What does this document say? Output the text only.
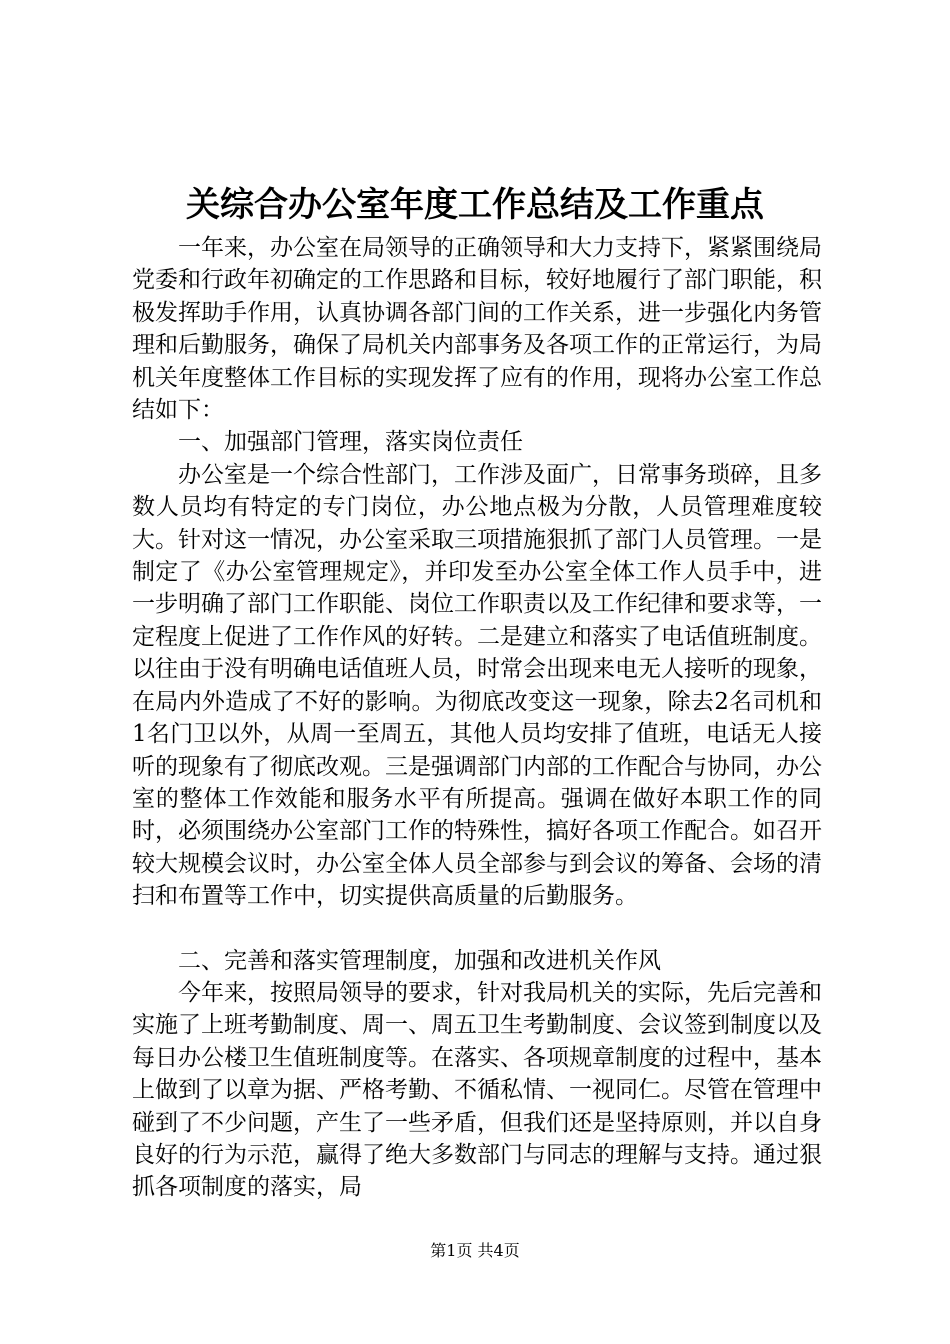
关综合办公室年度工作总结及工作重点

一年来，办公室在局领导的正确领导和大力支持下，紧紧围绕局党委和行政年初确定的工作思路和目标，较好地履行了部门职能，积极发挥助手作用，认真协调各部门间的工作关系，进一步强化内务管理和后勤服务，确保了局机关内部事务及各项工作的正常运行，为局机关年度整体工作目标的实现发挥了应有的作用，现将办公室工作总结如下：

一、加强部门管理，落实岗位责任

办公室是一个综合性部门，工作涉及面广，日常事务琐碎，且多数人员均有特定的专门岗位，办公地点极为分散，人员管理难度较大。针对这一情况，办公室采取三项措施狠抓了部门人员管理。一是制定了《办公室管理规定》，并印发至办公室全体工作人员手中，进一步明确了部门工作职能、岗位工作职责以及工作纪律和要求等，一定程度上促进了工作作风的好转。二是建立和落实了电话值班制度。以往由于没有明确电话值班人员，时常会出现来电无人接听的现象，在局内外造成了不好的影响。为彻底改变这一现象，除去2名司机和1名门卫以外，从周一至周五，其他人员均安排了值班，电话无人接听的现象有了彻底改观。三是强调部门内部的工作配合与协同，办公室的整体工作效能和服务水平有所提高。强调在做好本职工作的同时，必须围绕办公室部门工作的特殊性，搞好各项工作配合。如召开较大规模会议时，办公室全体人员全部参与到会议的筹备、会场的清扫和布置等工作中，切实提供高质量的后勤服务。

二、完善和落实管理制度，加强和改进机关作风

今年来，按照局领导的要求，针对我局机关的实际，先后完善和实施了上班考勤制度、周一、周五卫生考勤制度、会议签到制度以及每日办公楼卫生值班制度等。在落实、各项规章制度的过程中，基本上做到了以章为据、严格考勤、不循私情、一视同仁。尽管在管理中碰到了不少问题，产生了一些矛盾，但我们还是坚持原则，并以自身良好的行为示范，赢得了绝大多数部门与同志的理解与支持。通过狠抓各项制度的落实，局

第1页 共4页
